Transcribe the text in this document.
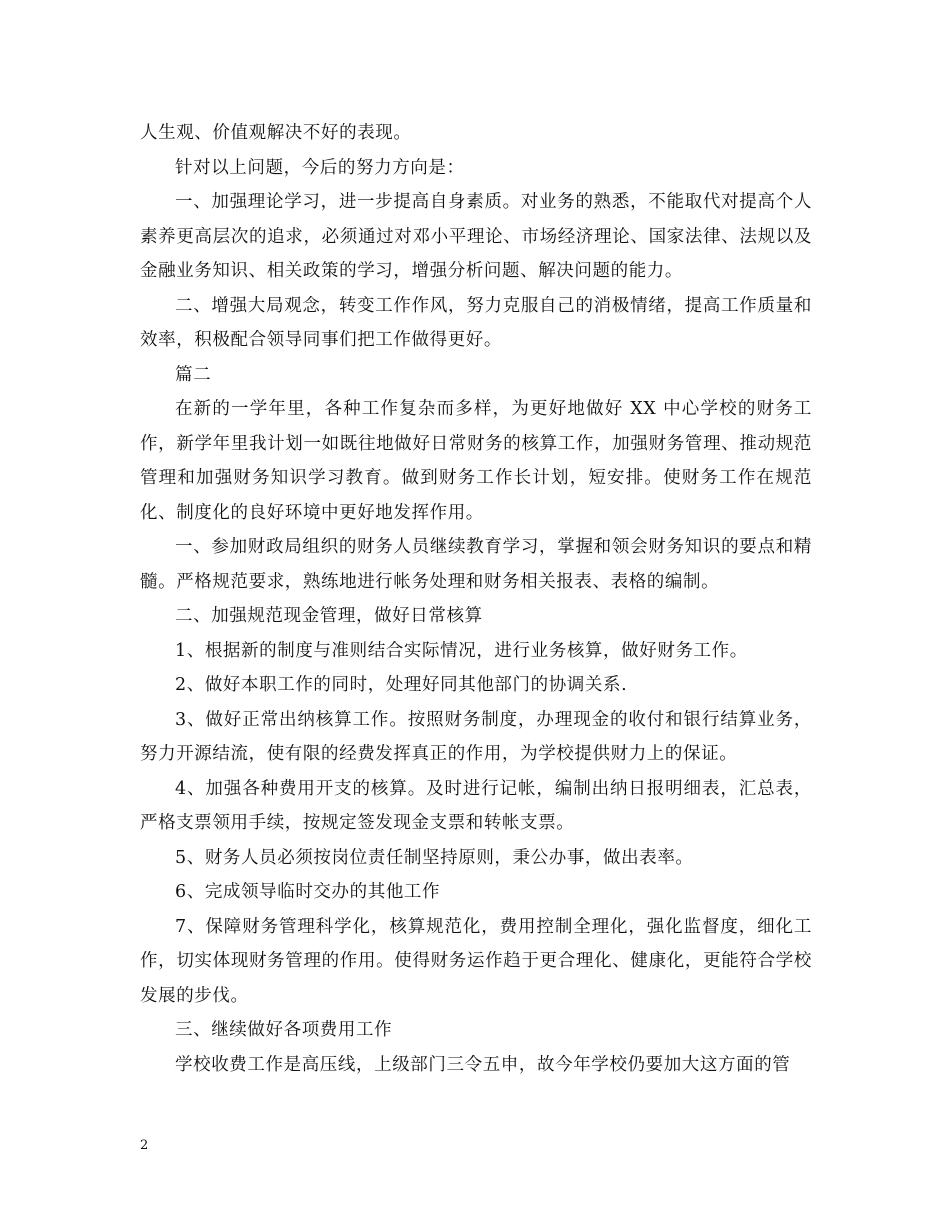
人生观、价值观解决不好的表现。

针对以上问题，今后的努力方向是：

一、加强理论学习，进一步提高自身素质。对业务的熟悉，不能取代对提高个人素养更高层次的追求，必须通过对邓小平理论、市场经济理论、国家法律、法规以及金融业务知识、相关政策的学习，增强分析问题、解决问题的能力。

二、增强大局观念，转变工作作风，努力克服自己的消极情绪，提高工作质量和效率，积极配合领导同事们把工作做得更好。

篇二

在新的一学年里，各种工作复杂而多样，为更好地做好 XX 中心学校的财务工作，新学年里我计划一如既往地做好日常财务的核算工作，加强财务管理、推动规范管理和加强财务知识学习教育。做到财务工作长计划，短安排。使财务工作在规范化、制度化的良好环境中更好地发挥作用。

一、参加财政局组织的财务人员继续教育学习，掌握和领会财务知识的要点和精髓。严格规范要求，熟练地进行帐务处理和财务相关报表、表格的编制。

二、加强规范现金管理，做好日常核算

1、根据新的制度与准则结合实际情况，进行业务核算，做好财务工作。

2、做好本职工作的同时，处理好同其他部门的协调关系.

3、做好正常出纳核算工作。按照财务制度，办理现金的收付和银行结算业务，努力开源结流，使有限的经费发挥真正的作用，为学校提供财力上的保证。

4、加强各种费用开支的核算。及时进行记帐，编制出纳日报明细表，汇总表，严格支票领用手续，按规定签发现金支票和转帐支票。

5、财务人员必须按岗位责任制坚持原则，秉公办事，做出表率。

6、完成领导临时交办的其他工作

7、保障财务管理科学化，核算规范化，费用控制全理化，强化监督度，细化工作，切实体现财务管理的作用。使得财务运作趋于更合理化、健康化，更能符合学校发展的步伐。

三、继续做好各项费用工作

学校收费工作是高压线，上级部门三令五申，故今年学校仍要加大这方面的管

2
